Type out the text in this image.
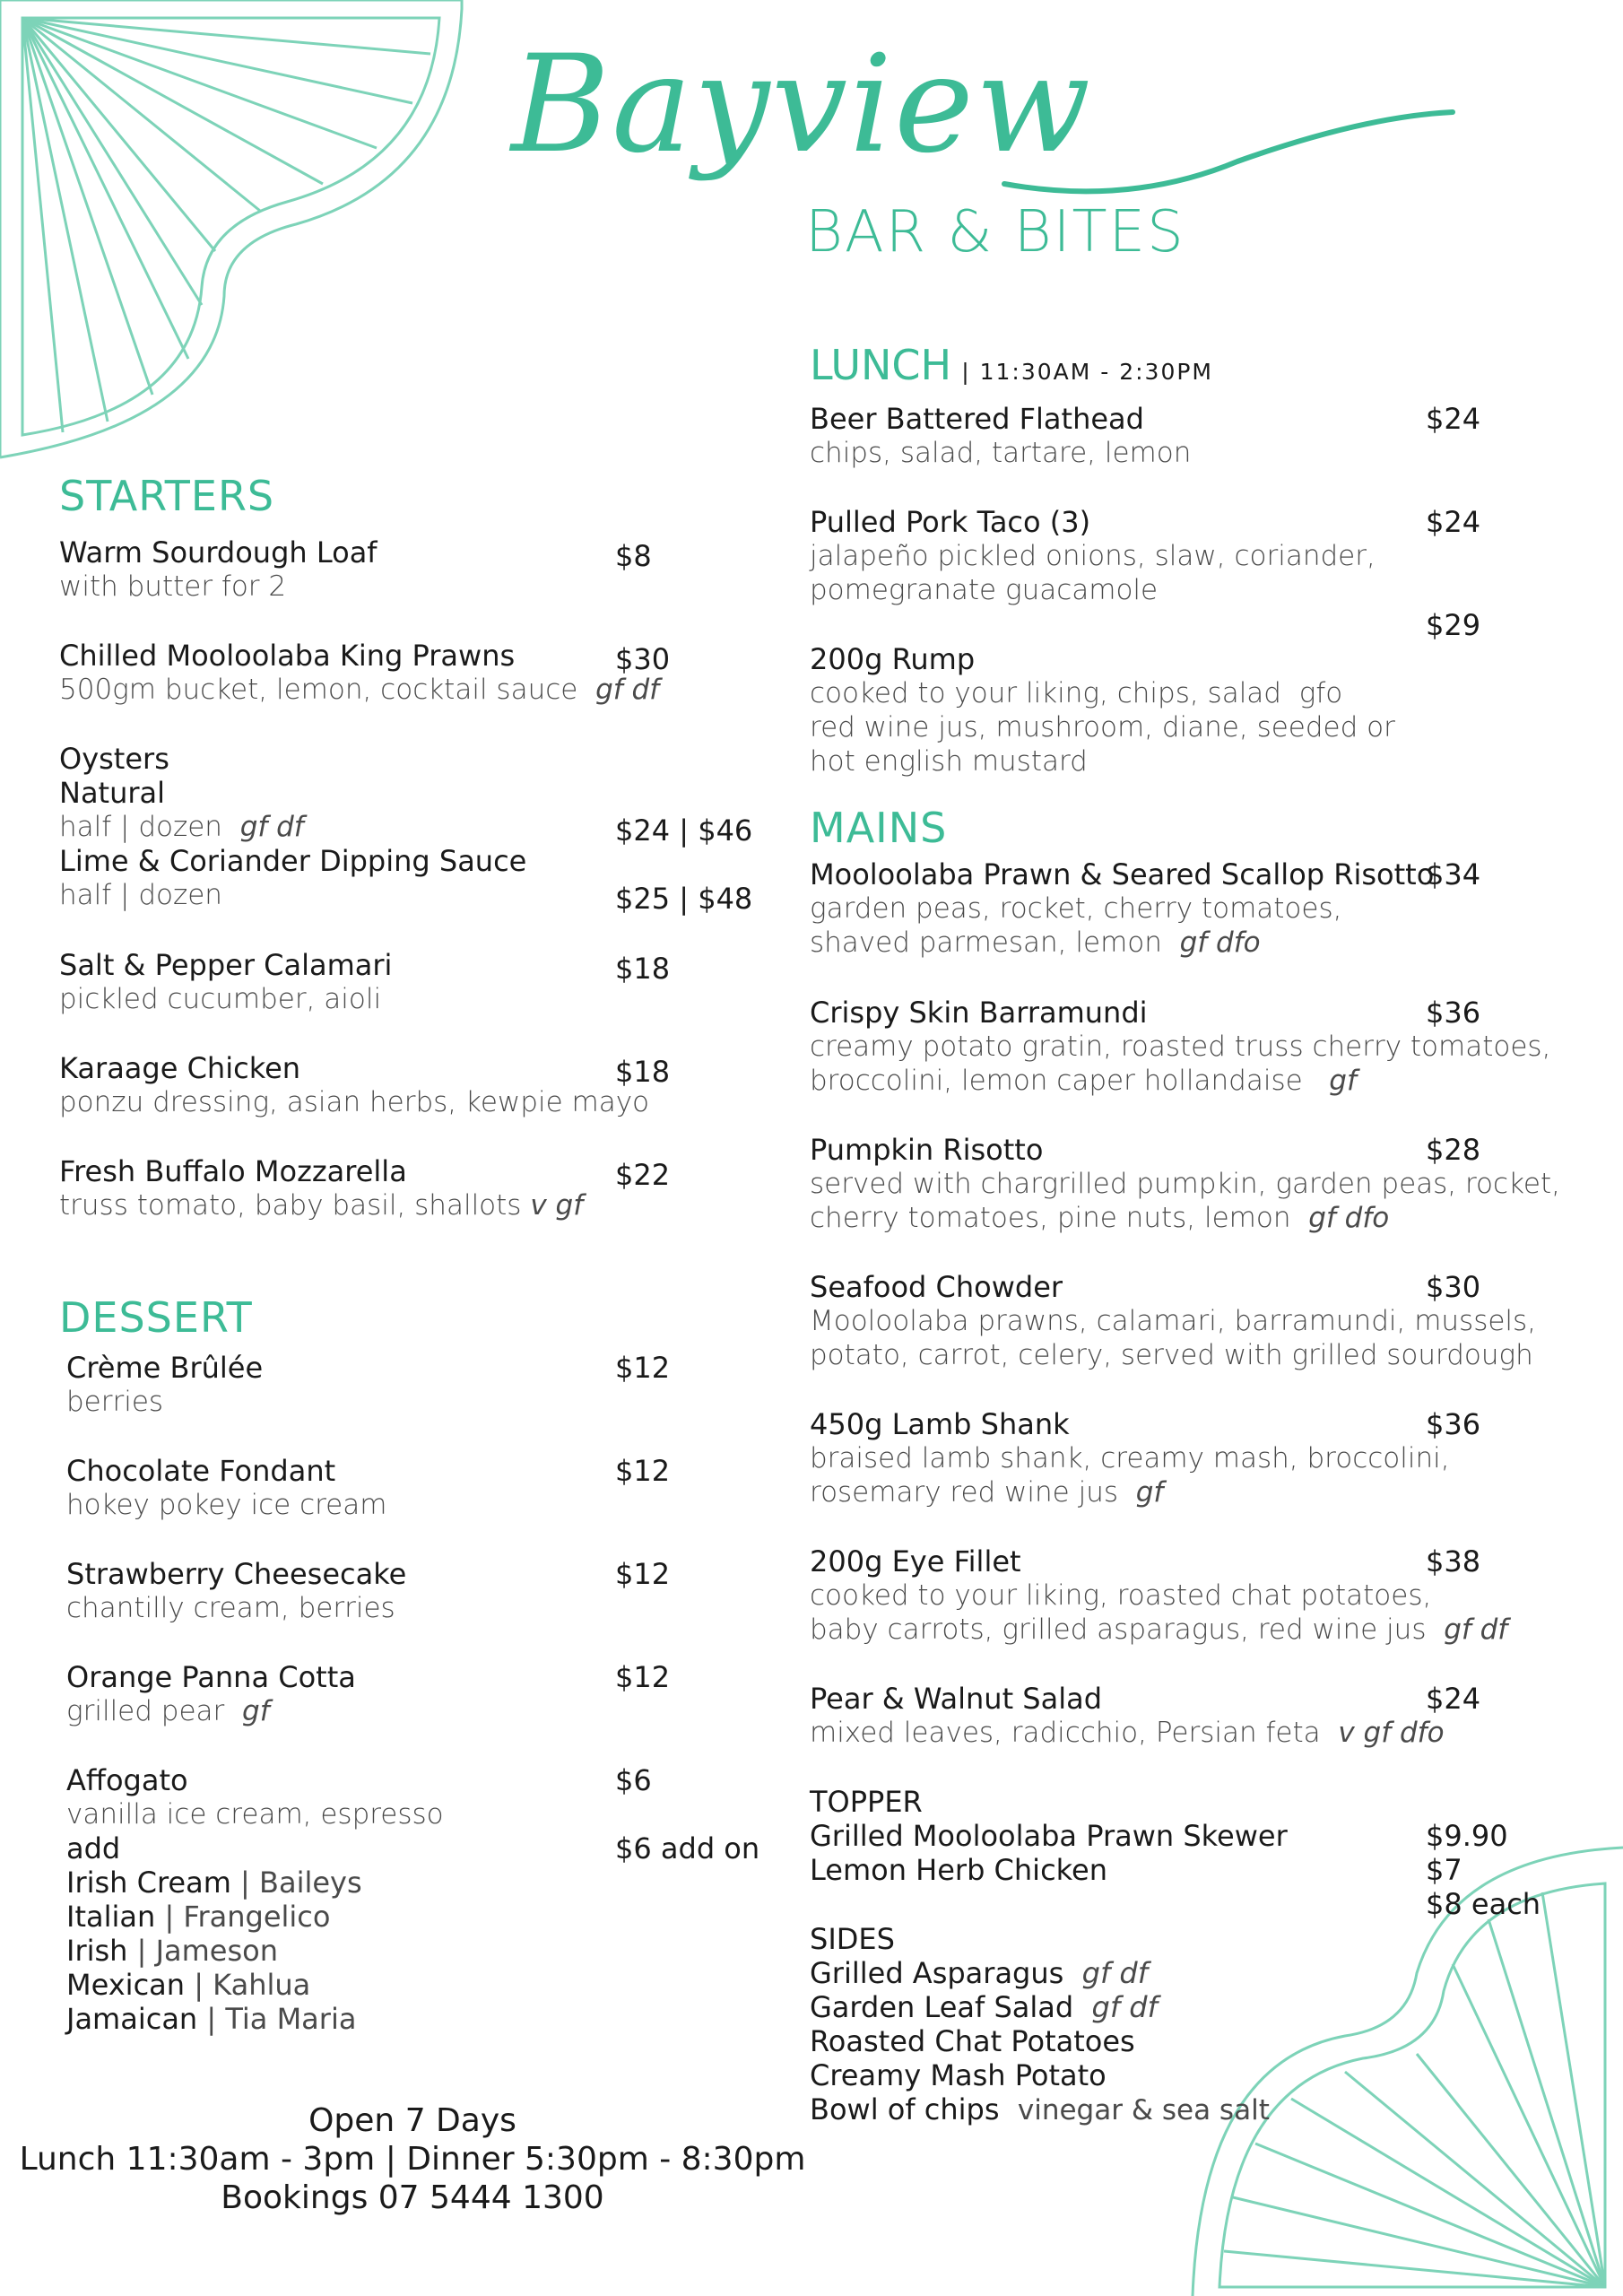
Bayview
BAR & BITES
LUNCH | 11:30AM - 2:30PM
Beer Battered Flathead
chips, salad, tartare, lemon
$24
Pulled Pork Taco (3)
jalapeño pickled onions, slaw, coriander,
pomegranate guacamole
$24
$29
200g Rump
cooked to your liking, chips, salad gfo
red wine jus, mushroom, diane, seeded or
hot english mustard
MAINS
Mooloolaba Prawn & Seared Scallop Risotto
garden peas, rocket, cherry tomatoes,
shaved parmesan, lemon gf dfo
$34
Crispy Skin Barramundi
creamy potato gratin, roasted truss cherry tomatoes,
broccolini, lemon caper hollandaise gf
$36
Pumpkin Risotto
served with chargrilled pumpkin, garden peas, rocket,
cherry tomatoes, pine nuts, lemon gf dfo
$28
Seafood Chowder
Mooloolaba prawns, calamari, barramundi, mussels,
potato, carrot, celery, served with grilled sourdough
$30
450g Lamb Shank
braised lamb shank, creamy mash, broccolini,
rosemary red wine jus gf
$36
200g Eye Fillet
cooked to your liking, roasted chat potatoes,
baby carrots, grilled asparagus, red wine jus gf df
$38
Pear & Walnut Salad
mixed leaves, radicchio, Persian feta v gf dfo
$24
TOPPER
Grilled Mooloolaba Prawn Skewer
Lemon Herb Chicken
$9.90
$7
$8 each
SIDES
Grilled Asparagus gf df
Garden Leaf Salad gf df
Roasted Chat Potatoes
Creamy Mash Potato
Bowl of chips vinegar & sea salt
STARTERS
Warm Sourdough Loaf
with butter for 2
$8
Chilled Mooloolaba King Prawns
500gm bucket, lemon, cocktail sauce gf df
$30
Oysters
Natural
half | dozen gf df
Lime & Coriander Dipping Sauce
half | dozen
$24 | $46
$25 | $48
Salt & Pepper Calamari
pickled cucumber, aioli
$18
Karaage Chicken
ponzu dressing, asian herbs, kewpie mayo
$18
Fresh Buffalo Mozzarella
truss tomato, baby basil, shallots v gf
$22
DESSERT
Crème Brûlée
berries
$12
Chocolate Fondant
hokey pokey ice cream
$12
Strawberry Cheesecake
chantilly cream, berries
$12
Orange Panna Cotta
grilled pear gf
$12
Affogato
vanilla ice cream, espresso
add
Irish Cream | Baileys
Italian | Frangelico
Irish | Jameson
Mexican | Kahlua
Jamaican | Tia Maria
$6
$6 add on
Open 7 Days
Lunch 11:30am - 3pm | Dinner 5:30pm - 8:30pm
Bookings 07 5444 1300
